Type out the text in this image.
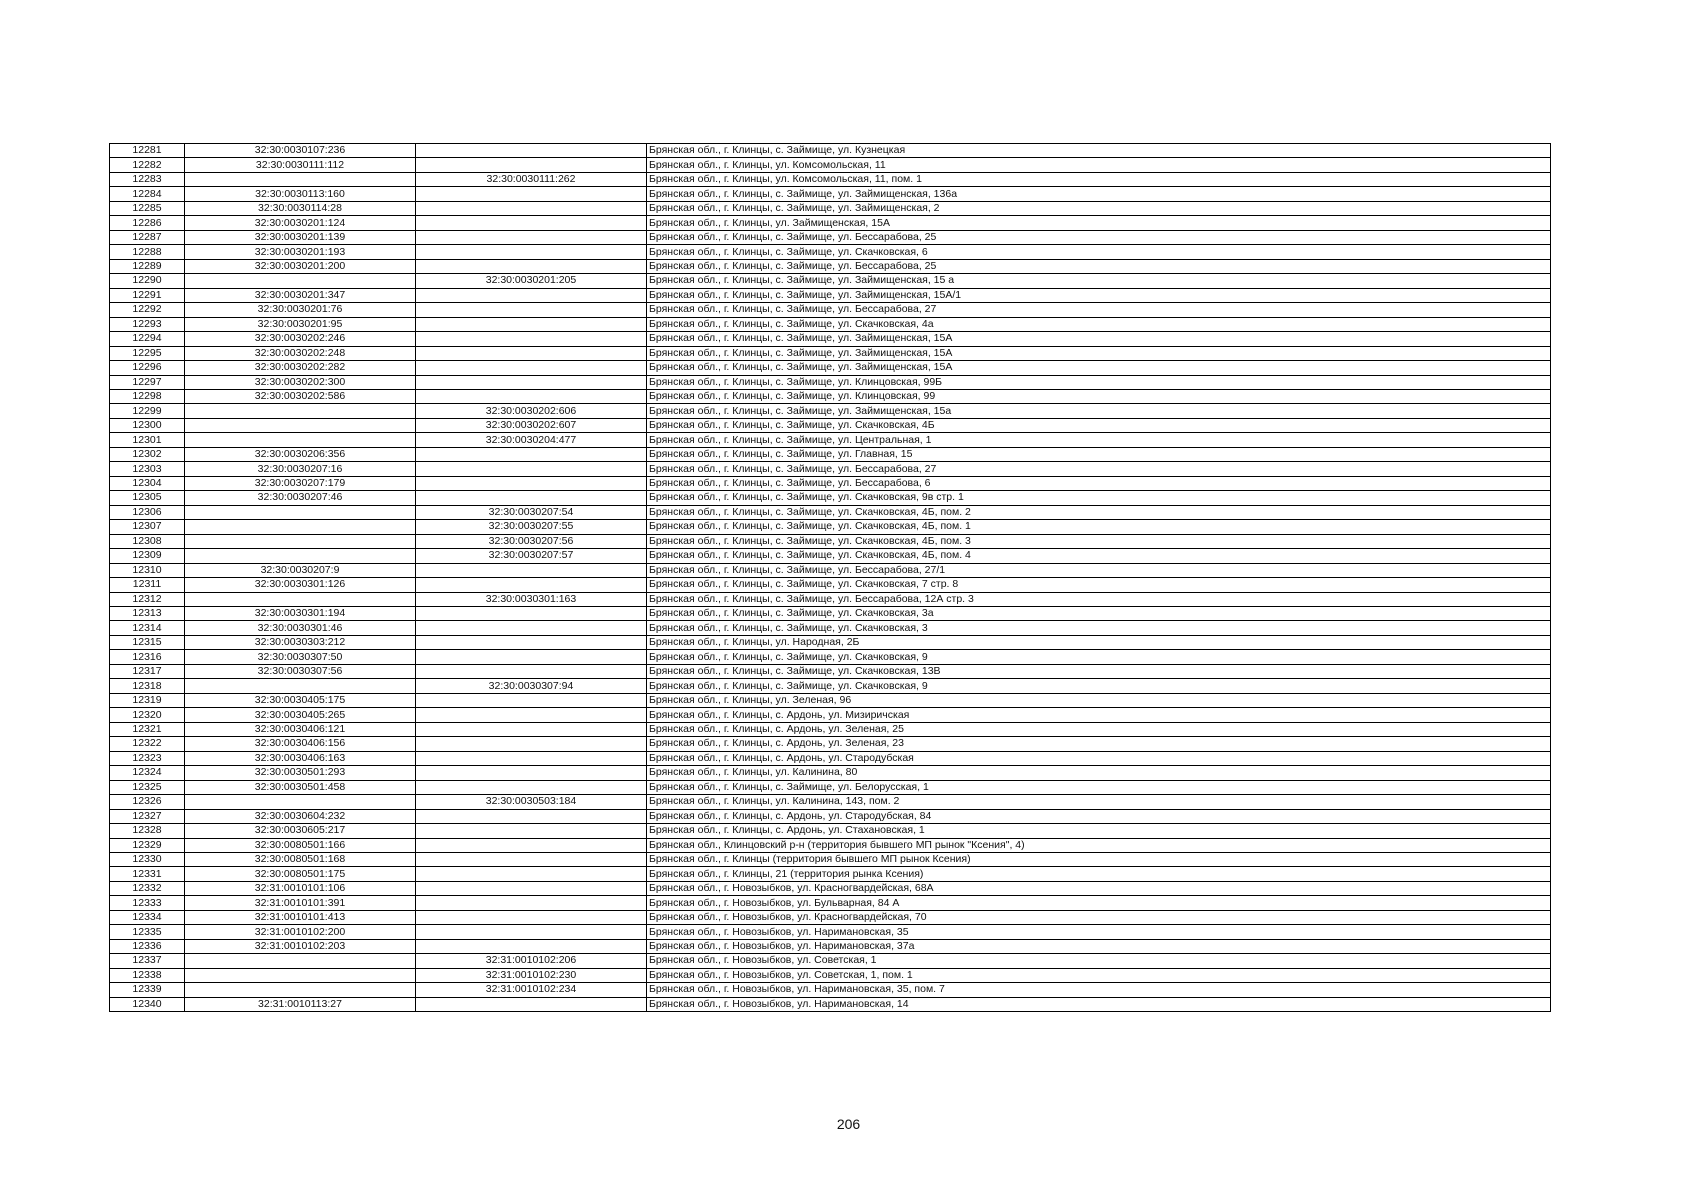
12281	32:30:0030107:236		Брянская обл., г. Клинцы, с. Займище, ул. Кузнецкая
12282	32:30:0030111:112		Брянская обл., г. Клинцы, ул. Комсомольская, 11
12283		32:30:0030111:262	Брянская обл., г. Клинцы, ул. Комсомольская, 11, пом. 1
12284	32:30:0030113:160		Брянская обл., г. Клинцы, с. Займище, ул. Займищенская, 136а
12285	32:30:0030114:28		Брянская обл., г. Клинцы, с. Займище, ул. Займищенская, 2
12286	32:30:0030201:124		Брянская обл., г. Клинцы, ул. Займищенская, 15А
12287	32:30:0030201:139		Брянская обл., г. Клинцы, с. Займище, ул. Бессарабова, 25
12288	32:30:0030201:193		Брянская обл., г. Клинцы, с. Займище, ул. Скачковская, 6
12289	32:30:0030201:200		Брянская обл., г. Клинцы, с. Займище, ул. Бессарабова, 25
12290		32:30:0030201:205	Брянская обл., г. Клинцы, с. Займище, ул. Займищенская, 15 а
12291	32:30:0030201:347		Брянская обл., г. Клинцы, с. Займище, ул. Займищенская, 15А/1
12292	32:30:0030201:76		Брянская обл., г. Клинцы, с. Займище, ул. Бессарабова, 27
12293	32:30:0030201:95		Брянская обл., г. Клинцы, с. Займище, ул. Скачковская, 4а
12294	32:30:0030202:246		Брянская обл., г. Клинцы, с. Займище, ул. Займищенская, 15А
12295	32:30:0030202:248		Брянская обл., г. Клинцы, с. Займище, ул. Займищенская, 15А
12296	32:30:0030202:282		Брянская обл., г. Клинцы, с. Займище, ул. Займищенская, 15А
12297	32:30:0030202:300		Брянская обл., г. Клинцы, с. Займище, ул. Клинцовская, 99Б
12298	32:30:0030202:586		Брянская обл., г. Клинцы, с. Займище, ул. Клинцовская, 99
12299		32:30:0030202:606	Брянская обл., г. Клинцы, с. Займище, ул. Займищенская, 15а
12300		32:30:0030202:607	Брянская обл., г. Клинцы, с. Займище, ул. Скачковская, 4Б
12301		32:30:0030204:477	Брянская обл., г. Клинцы, с. Займище, ул. Центральная, 1
12302	32:30:0030206:356		Брянская обл., г. Клинцы, с. Займище, ул. Главная, 15
12303	32:30:0030207:16		Брянская обл., г. Клинцы, с. Займище, ул. Бессарабова, 27
12304	32:30:0030207:179		Брянская обл., г. Клинцы, с. Займище, ул. Бессарабова, 6
12305	32:30:0030207:46		Брянская обл., г. Клинцы, с. Займище, ул. Скачковская, 9в стр. 1
12306		32:30:0030207:54	Брянская обл., г. Клинцы, с. Займище, ул. Скачковская, 4Б, пом. 2
12307		32:30:0030207:55	Брянская обл., г. Клинцы, с. Займище, ул. Скачковская, 4Б, пом. 1
12308		32:30:0030207:56	Брянская обл., г. Клинцы, с. Займище, ул. Скачковская, 4Б, пом. 3
12309		32:30:0030207:57	Брянская обл., г. Клинцы, с. Займище, ул. Скачковская, 4Б, пом. 4
12310	32:30:0030207:9		Брянская обл., г. Клинцы, с. Займище, ул. Бессарабова, 27/1
12311	32:30:0030301:126		Брянская обл., г. Клинцы, с. Займище, ул. Скачковская, 7 стр. 8
12312		32:30:0030301:163	Брянская обл., г. Клинцы, с. Займище, ул. Бессарабова, 12А стр. 3
12313	32:30:0030301:194		Брянская обл., г. Клинцы, с. Займище, ул. Скачковская, 3а
12314	32:30:0030301:46		Брянская обл., г. Клинцы, с. Займище, ул. Скачковская, 3
12315	32:30:0030303:212		Брянская обл., г. Клинцы, ул. Народная, 2Б
12316	32:30:0030307:50		Брянская обл., г. Клинцы, с. Займище, ул. Скачковская, 9
12317	32:30:0030307:56		Брянская обл., г. Клинцы, с. Займище, ул. Скачковская, 13В
12318		32:30:0030307:94	Брянская обл., г. Клинцы, с. Займище, ул. Скачковская, 9
12319	32:30:0030405:175		Брянская обл., г. Клинцы, ул. Зеленая, 96
12320	32:30:0030405:265		Брянская обл., г. Клинцы, с. Ардонь, ул. Мизиричская
12321	32:30:0030406:121		Брянская обл., г. Клинцы, с. Ардонь, ул. Зеленая, 25
12322	32:30:0030406:156		Брянская обл., г. Клинцы, с. Ардонь, ул. Зеленая, 23
12323	32:30:0030406:163		Брянская обл., г. Клинцы, с. Ардонь, ул. Стародубская
12324	32:30:0030501:293		Брянская обл., г. Клинцы, ул. Калинина, 80
12325	32:30:0030501:458		Брянская обл., г. Клинцы, с. Займище, ул. Белорусская, 1
12326		32:30:0030503:184	Брянская обл., г. Клинцы, ул. Калинина, 143, пом. 2
12327	32:30:0030604:232		Брянская обл., г. Клинцы, с. Ардонь, ул. Стародубская, 84
12328	32:30:0030605:217		Брянская обл., г. Клинцы, с. Ардонь, ул. Стахановская, 1
12329	32:30:0080501:166		Брянская обл., Клинцовский р-н (территория бывшего МП рынок "Ксения", 4)
12330	32:30:0080501:168		Брянская обл., г. Клинцы (территория бывшего МП рынок Ксения)
12331	32:30:0080501:175		Брянская обл., г. Клинцы, 21 (территория рынка Ксения)
12332	32:31:0010101:106		Брянская обл., г. Новозыбков, ул. Красногвардейская, 68А
12333	32:31:0010101:391		Брянская обл., г. Новозыбков, ул. Бульварная, 84 А
12334	32:31:0010101:413		Брянская обл., г. Новозыбков, ул. Красногвардейская, 70
12335	32:31:0010102:200		Брянская обл., г. Новозыбков, ул. Наримановская, 35
12336	32:31:0010102:203		Брянская обл., г. Новозыбков, ул. Наримановская, 37а
12337		32:31:0010102:206	Брянская обл., г. Новозыбков, ул. Советская, 1
12338		32:31:0010102:230	Брянская обл., г. Новозыбков, ул. Советская, 1, пом. 1
12339		32:31:0010102:234	Брянская обл., г. Новозыбков, ул. Наримановская, 35, пом. 7
12340	32:31:0010113:27		Брянская обл., г. Новозыбков, ул. Наримановская, 14
206
